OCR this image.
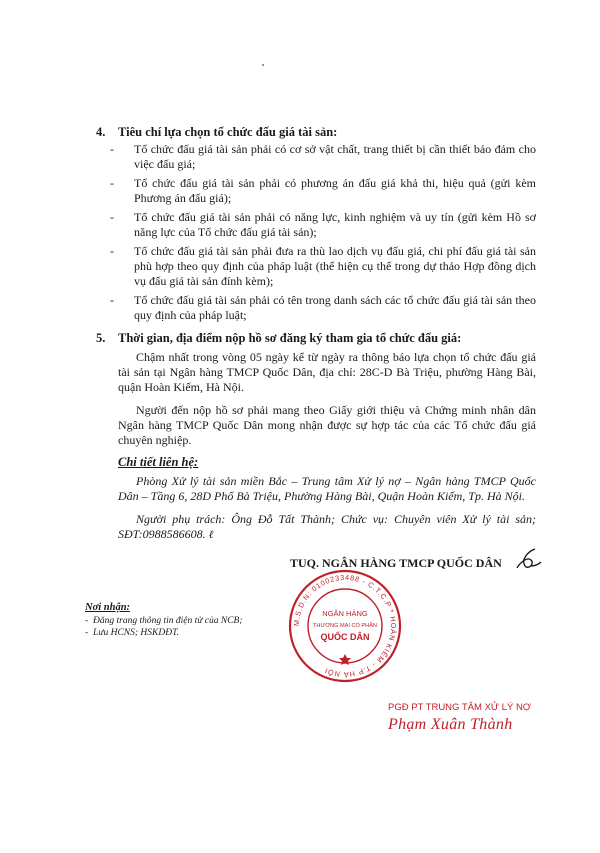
4. Tiêu chí lựa chọn tổ chức đấu giá tài sản:
- Tổ chức đấu giá tài sản phải có cơ sở vật chất, trang thiết bị cần thiết bảo đảm cho việc đấu giá;
- Tổ chức đấu giá tài sản phải có phương án đấu giá khả thi, hiệu quả (gửi kèm Phương án đấu giá);
- Tổ chức đấu giá tài sản phải có năng lực, kinh nghiệm và uy tín (gửi kèm Hồ sơ năng lực của Tổ chức đấu giá tài sản);
- Tổ chức đấu giá tài sản phải đưa ra thù lao dịch vụ đấu giá, chi phí đấu giá tài sản phù hợp theo quy định của pháp luật (thể hiện cụ thể trong dự thảo Hợp đồng dịch vụ đấu giá tài sản đính kèm);
- Tổ chức đấu giá tài sản phải có tên trong danh sách các tổ chức đấu giá tài sản theo quy định của pháp luật;
5. Thời gian, địa điểm nộp hồ sơ đăng ký tham gia tổ chức đấu giá:

Chậm nhất trong vòng 05 ngày kể từ ngày ra thông báo lựa chọn tổ chức đấu giá tài sản tại Ngân hàng TMCP Quốc Dân, địa chỉ: 28C-D Bà Triệu, phường Hàng Bài, quận Hoàn Kiếm, Hà Nội.

Người đến nộp hồ sơ phải mang theo Giấy giới thiệu và Chứng minh nhân dân Ngân hàng TMCP Quốc Dân mong nhận được sự hợp tác của các Tổ chức đấu giá chuyên nghiệp.

Chi tiết liên hệ:

Phòng Xử lý tài sản miền Bắc – Trung tâm Xử lý nợ – Ngân hàng TMCP Quốc Dân – Tầng 6, 28D Phố Bà Triệu, Phường Hàng Bài, Quận Hoàn Kiếm, Tp. Hà Nội.

Người phụ trách: Ông Đỗ Tất Thành; Chức vụ: Chuyên viên Xử lý tài sản; SĐT:0988586608. ℓ

TUQ. NGÂN HÀNG TMCP QUỐC DÂN
M.S.D.N: 0100233488 - C.T.C.P * HOÀN KIẾM - T.P HÀ NỘI
NGÂN HÀNG
THƯƠNG MẠI CỔ PHẦN
QUỐC DÂN
Nơi nhận:
- Đăng trang thông tin điện tử của NCB;
- Lưu HCNS; HSKDĐT.
PGĐ PT TRUNG TÂM XỬ LÝ NỢ
Phạm Xuân Thành
